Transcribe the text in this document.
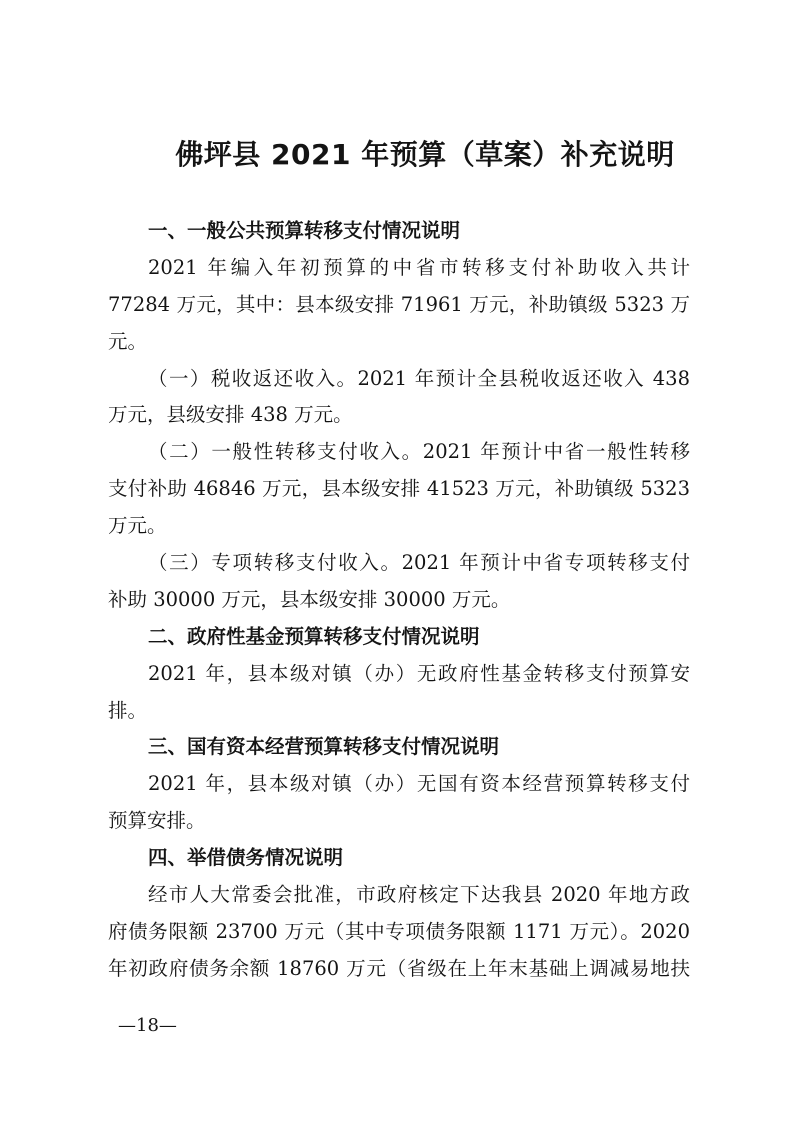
佛坪县 2021 年预算（草案）补充说明
一、一般公共预算转移支付情况说明
2021 年编入年初预算的中省市转移支付补助收入共计
77284 万元，其中：县本级安排 71961 万元，补助镇级 5323 万
元。
（一）税收返还收入。2021 年预计全县税收返还收入 438
万元，县级安排 438 万元。
（二）一般性转移支付收入。2021 年预计中省一般性转移
支付补助 46846 万元，县本级安排 41523 万元，补助镇级 5323
万元。
（三）专项转移支付收入。2021 年预计中省专项转移支付
补助 30000 万元，县本级安排 30000 万元。
二、政府性基金预算转移支付情况说明
2021 年，县本级对镇（办）无政府性基金转移支付预算安
排。
三、国有资本经营预算转移支付情况说明
2021 年，县本级对镇（办）无国有资本经营预算转移支付
预算安排。
四、举借债务情况说明
经市人大常委会批准，市政府核定下达我县 2020 年地方政
府债务限额 23700 万元（其中专项债务限额 1171 万元）。2020
年初政府债务余额 18760 万元（省级在上年末基础上调减易地扶
—18—
